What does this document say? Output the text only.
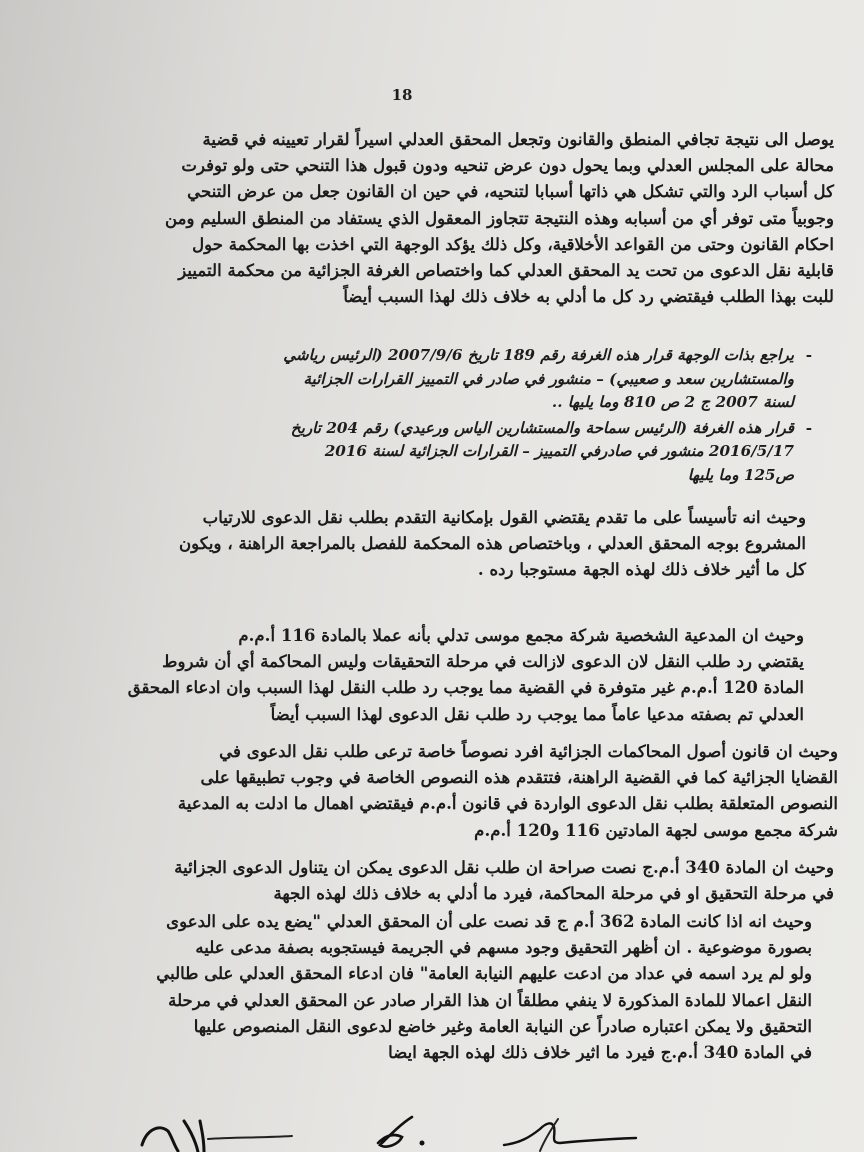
18
يوصل الى نتيجة تجافي المنطق والقانون وتجعل المحقق العدلي اسيراً لقرار تعيينه في قضية
محالة على المجلس العدلي وبما يحول دون عرض تنحيه ودون قبول هذا التنحي حتى ولو توفرت
كل أسباب الرد والتي تشكل هي ذاتها أسبابا لتنحيه، في حين ان القانون جعل من عرض التنحي
وجوبياً متى توفر أي من أسبابه وهذه النتيجة تتجاوز المعقول الذي يستفاد من المنطق السليم ومن
احكام القانون وحتى من القواعد الأخلاقية، وكل ذلك يؤكد الوجهة التي اخذت بها المحكمة حول
قابلية نقل الدعوى من تحت يد المحقق العدلي كما واختصاص الغرفة الجزائية من محكمة التمييز
للبت بهذا الطلب فيقتضي رد كل ما أدلي به خلاف ذلك لهذا السبب أيضاً
- يراجع بذات الوجهة قرار هذه الغرفة رقم 189 تاريخ 2007/9/6 (الرئيس رياشي
والمستشارين سعد و صعيبي) – منشور في صادر في التمييز القرارات الجزائية
لسنة 2007 ج 2 ص 810 وما يليها ..
- قرار هذه الغرفة (الرئيس سماحة والمستشارين الياس ورعيدي) رقم 204 تاريخ
2016/5/17 منشور في صادرفي التمييز – القرارات الجزائية لسنة 2016
ص125 وما يليها
وحيث انه تأسيساً على ما تقدم يقتضي القول بإمكانية التقدم بطلب نقل الدعوى للارتياب
المشروع بوجه المحقق العدلي ، وباختصاص هذه المحكمة للفصل بالمراجعة الراهنة ، ويكون
كل ما أثير خلاف ذلك لهذه الجهة مستوجبا رده .
وحيث ان المدعية الشخصية شركة مجمع موسى تدلي بأنه عملا بالمادة 116 أ.م.م
يقتضي رد طلب النقل لان الدعوى لازالت في مرحلة التحقيقات وليس المحاكمة أي أن شروط
المادة 120 أ.م.م غير متوفرة في القضية مما يوجب رد طلب النقل لهذا السبب وان ادعاء المحقق
العدلي تم بصفته مدعيا عاماً مما يوجب رد طلب نقل الدعوى لهذا السبب أيضاً
وحيث ان قانون أصول المحاكمات الجزائية افرد نصوصاً خاصة ترعى طلب نقل الدعوى في
القضايا الجزائية كما في القضية الراهنة، فتتقدم هذه النصوص الخاصة في وجوب تطبيقها على
النصوص المتعلقة بطلب نقل الدعوى الواردة في قانون أ.م.م فيقتضي اهمال ما ادلت به المدعية
شركة مجمع موسى لجهة المادتين 116 و120 أ.م.م
وحيث ان المادة 340 أ.م.ج نصت صراحة ان طلب نقل الدعوى يمكن ان يتناول الدعوى الجزائية
في مرحلة التحقيق او في مرحلة المحاكمة، فيرد ما أدلي به خلاف ذلك لهذه الجهة
وحيث انه اذا كانت المادة 362 أ.م ج قد نصت على أن المحقق العدلي "يضع يده على الدعوى
بصورة موضوعية . ان أظهر التحقيق وجود مسهم في الجريمة فيستجوبه بصفة مدعى عليه
ولو لم يرد اسمه في عداد من ادعت عليهم النيابة العامة" فان ادعاء المحقق العدلي على طالبي
النقل اعمالا للمادة المذكورة لا ينفي مطلقاً ان هذا القرار صادر عن المحقق العدلي في مرحلة
التحقيق ولا يمكن اعتباره صادراً عن النيابة العامة وغير خاضع لدعوى النقل المنصوص عليها
في المادة 340 أ.م.ج فيرد ما اثير خلاف ذلك لهذه الجهة ايضا
